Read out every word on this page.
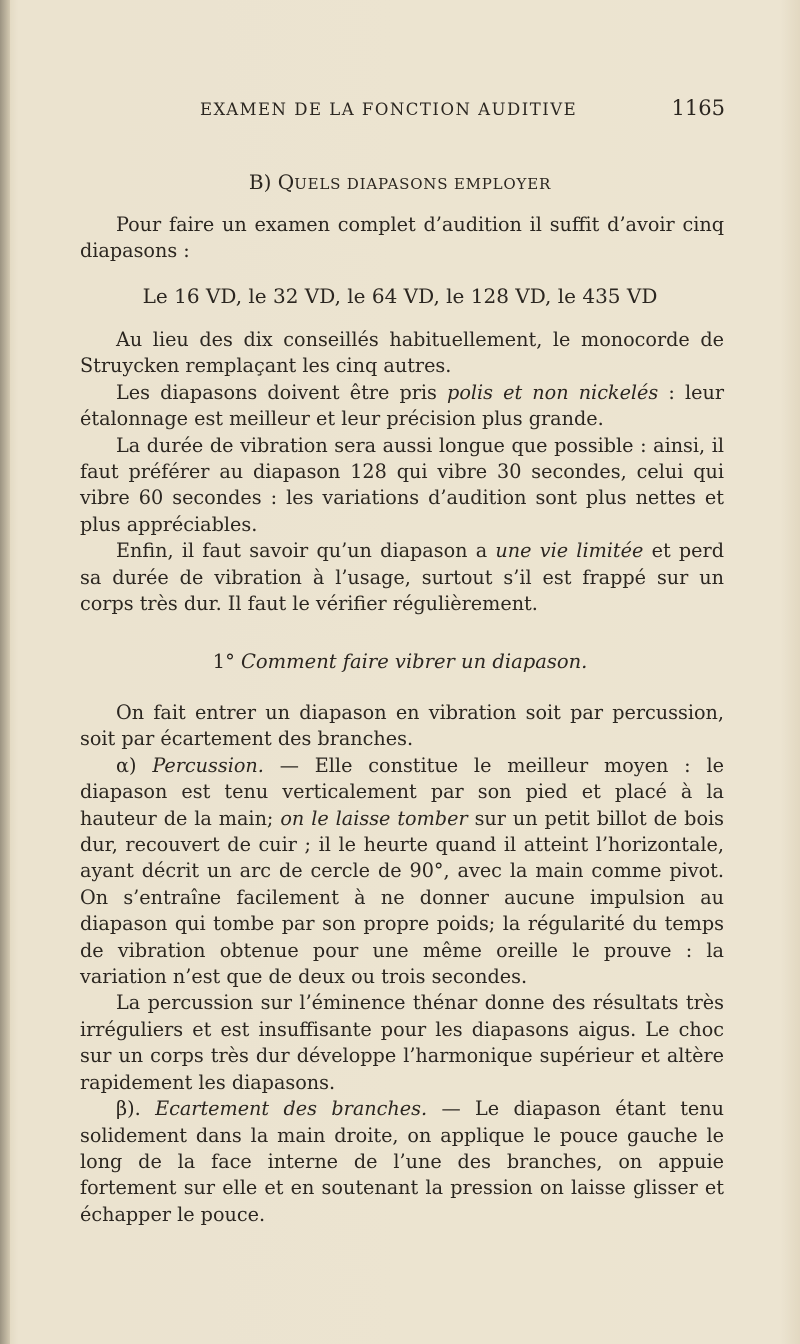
EXAMEN DE LA FONCTION AUDITIVE	1165
B) QUELS DIAPASONS EMPLOYER

Pour faire un examen complet d’audition il suffit d’avoir cinq diapasons :

Le 16 VD, le 32 VD, le 64 VD, le 128 VD, le 435 VD

Au lieu des dix conseillés habituellement, le monocorde de Struycken remplaçant les cinq autres.

Les diapasons doivent être pris polis et non nickelés : leur étalonnage est meilleur et leur précision plus grande.

La durée de vibration sera aussi longue que possible : ainsi, il faut préférer au diapason 128 qui vibre 30 secondes, celui qui vibre 60 secondes : les variations d’audition sont plus nettes et plus appréciables.

Enfin, il faut savoir qu’un diapason a une vie limitée et perd sa durée de vibration à l’usage, surtout s’il est frappé sur un corps très dur. Il faut le vérifier régulièrement.

1° Comment faire vibrer un diapason.

On fait entrer un diapason en vibration soit par percussion, soit par écartement des branches.

α) Percussion. — Elle constitue le meilleur moyen : le diapason est tenu verticalement par son pied et placé à la hauteur de la main; on le laisse tomber sur un petit billot de bois dur, recouvert de cuir ; il le heurte quand il atteint l’horizontale, ayant décrit un arc de cercle de 90°, avec la main comme pivot. On s’entraîne facilement à ne donner aucune impulsion au diapason qui tombe par son propre poids; la régularité du temps de vibration obtenue pour une même oreille le prouve : la variation n’est que de deux ou trois secondes.

La percussion sur l’éminence thénar donne des résultats très irréguliers et est insuffisante pour les diapasons aigus. Le choc sur un corps très dur développe l’harmonique supérieur et altère rapidement les diapasons.

β). Ecartement des branches. — Le diapason étant tenu solidement dans la main droite, on applique le pouce gauche le long de la face interne de l’une des branches, on appuie fortement sur elle et en soutenant la pression on laisse glisser et échapper le pouce.
